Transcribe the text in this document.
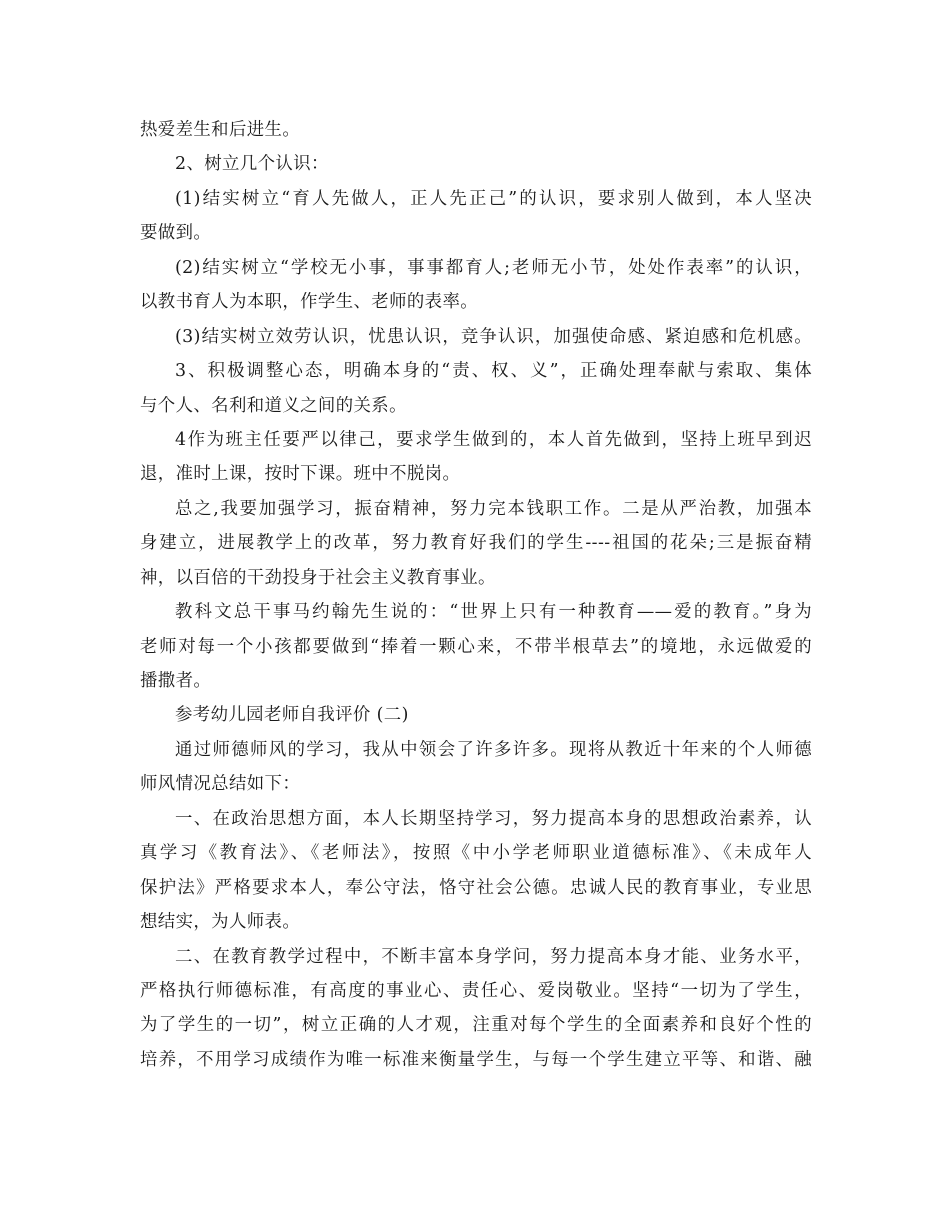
热爱差生和后进生。
2、树立几个认识：
(1)结实树立“育人先做人，正人先正己”的认识，要求别人做到，本人坚决
要做到。
(2)结实树立“学校无小事，事事都育人;老师无小节，处处作表率”的认识，
以教书育人为本职，作学生、老师的表率。
(3)结实树立效劳认识，忧患认识，竞争认识，加强使命感、紧迫感和危机感。
3、积极调整心态，明确本身的“责、权、义”，正确处理奉献与索取、集体
与个人、名利和道义之间的关系。
4作为班主任要严以律己，要求学生做到的，本人首先做到，坚持上班早到迟
退，准时上课，按时下课。班中不脱岗。
总之,我要加强学习，振奋精神，努力完本钱职工作。二是从严治教，加强本
身建立，进展教学上的改革，努力教育好我们的学生----祖国的花朵;三是振奋精
神，以百倍的干劲投身于社会主义教育事业。
教科文总干事马约翰先生说的：“世界上只有一种教育——爱的教育。”身为
老师对每一个小孩都要做到“捧着一颗心来，不带半根草去”的境地，永远做爱的
播撒者。
参考幼儿园老师自我评价 (二)
通过师德师风的学习，我从中领会了许多许多。现将从教近十年来的个人师德
师风情况总结如下：
一、在政治思想方面，本人长期坚持学习，努力提高本身的思想政治素养，认
真学习《教育法》、《老师法》，按照《中小学老师职业道德标准》、《未成年人
保护法》严格要求本人，奉公守法，恪守社会公德。忠诚人民的教育事业，专业思
想结实，为人师表。
二、在教育教学过程中，不断丰富本身学问，努力提高本身才能、业务水平，
严格执行师德标准，有高度的事业心、责任心、爱岗敬业。坚持“一切为了学生，
为了学生的一切”，树立正确的人才观，注重对每个学生的全面素养和良好个性的
培养，不用学习成绩作为唯一标准来衡量学生，与每一个学生建立平等、和谐、融
